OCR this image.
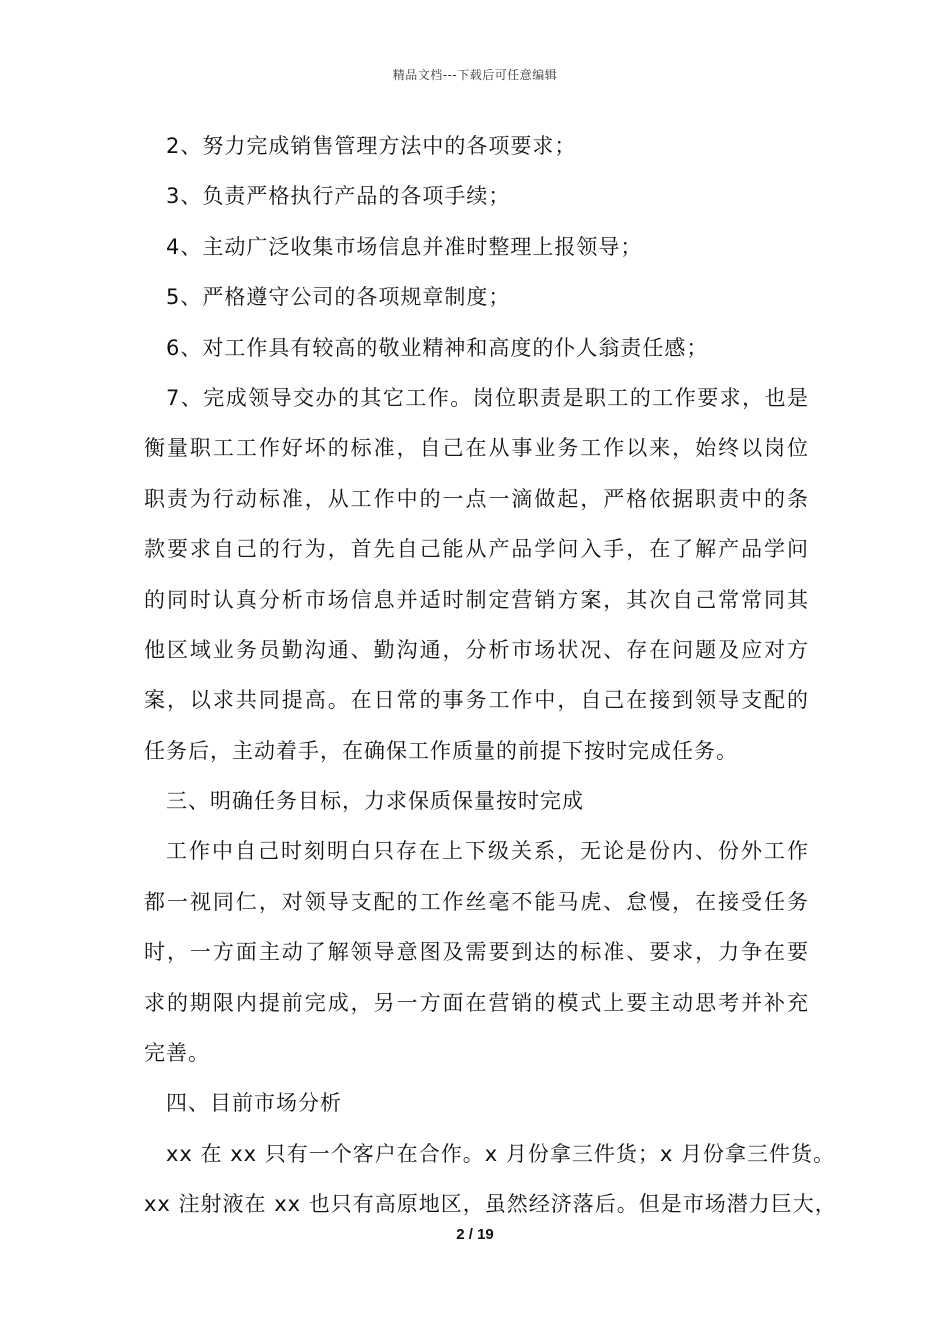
精品文档---下载后可任意编辑
2、努力完成销售管理方法中的各项要求；
3、负责严格执行产品的各项手续；
4、主动广泛收集市场信息并准时整理上报领导；
5、严格遵守公司的各项规章制度；
6、对工作具有较高的敬业精神和高度的仆人翁责任感；
7、完成领导交办的其它工作。岗位职责是职工的工作要求，也是
衡量职工工作好坏的标准，自己在从事业务工作以来，始终以岗位
职责为行动标准，从工作中的一点一滴做起，严格依据职责中的条
款要求自己的行为，首先自己能从产品学问入手，在了解产品学问
的同时认真分析市场信息并适时制定营销方案，其次自己常常同其
他区域业务员勤沟通、勤沟通，分析市场状况、存在问题及应对方
案，以求共同提高。在日常的事务工作中，自己在接到领导支配的
任务后，主动着手，在确保工作质量的前提下按时完成任务。
三、明确任务目标，力求保质保量按时完成
工作中自己时刻明白只存在上下级关系，无论是份内、份外工作
都一视同仁，对领导支配的工作丝毫不能马虎、怠慢，在接受任务
时，一方面主动了解领导意图及需要到达的标准、要求，力争在要
求的期限内提前完成，另一方面在营销的模式上要主动思考并补充
完善。
四、目前市场分析
xx 在 xx 只有一个客户在合作。x 月份拿三件货；x 月份拿三件货。
xx 注射液在 xx 也只有高原地区，虽然经济落后。但是市场潜力巨大，
2 / 19
